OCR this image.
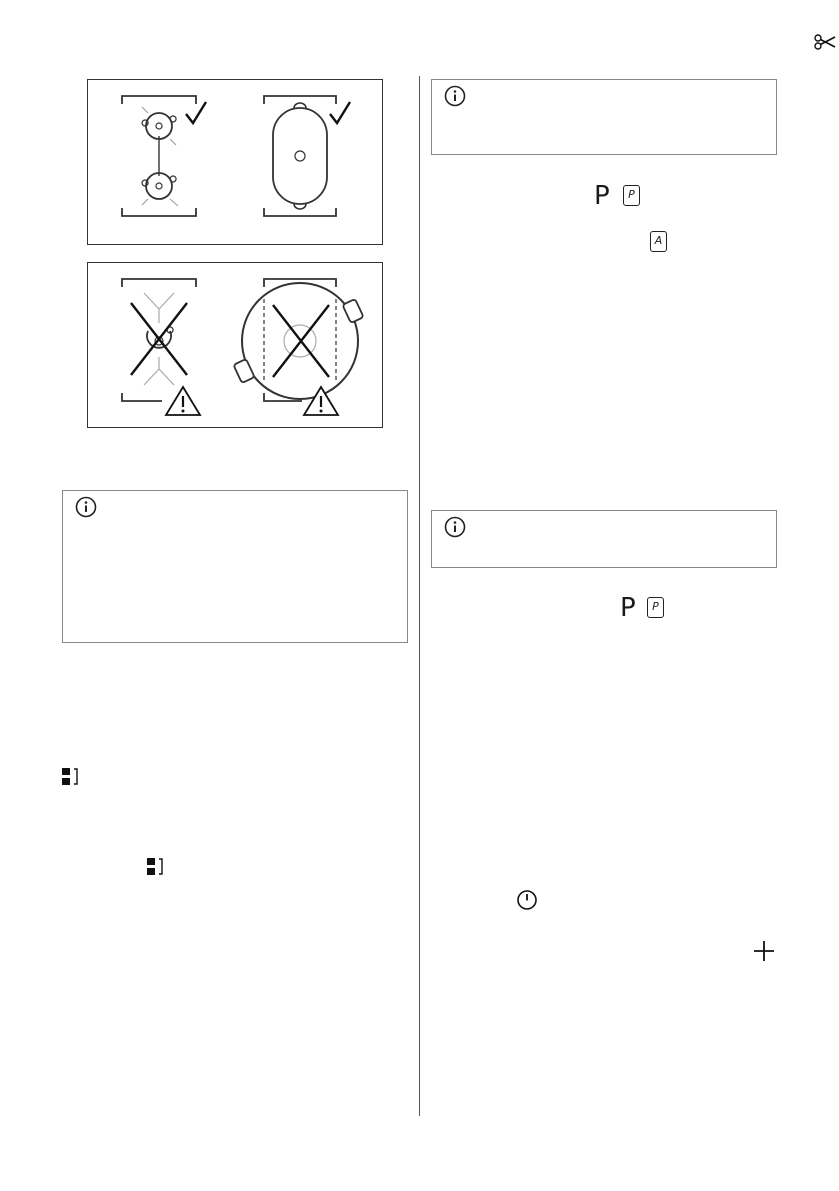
P	P
A
P	P
